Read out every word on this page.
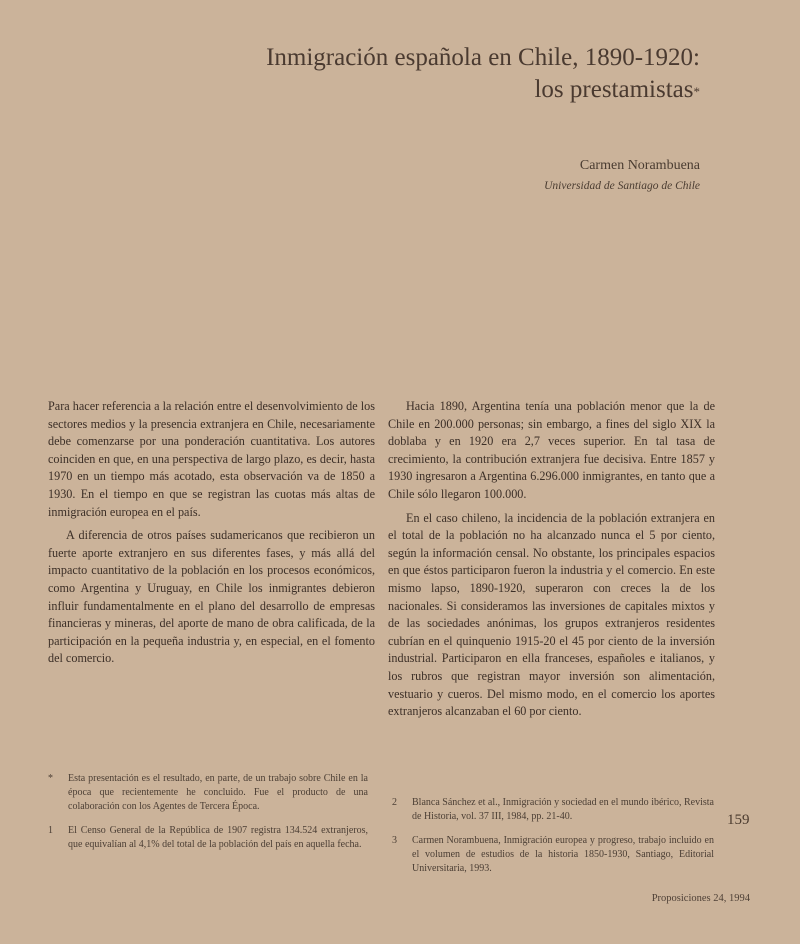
Inmigración española en Chile, 1890-1920:
los prestamistas*
Carmen Norambuena
Universidad de Santiago de Chile

Para hacer referencia a la relación entre el desenvolvimiento de los sectores medios y la presencia extranjera en Chile, necesariamente debe comenzarse por una ponderación cuantitativa. Los autores coinciden en que, en una perspectiva de largo plazo, es decir, hasta 1970 en un tiempo más acotado, esta observación va de 1850 a 1930. En el tiempo en que se registran las cuotas más altas de inmigración europea en el país.

A diferencia de otros países sudamericanos que recibieron un fuerte aporte extranjero en sus diferentes fases, y más allá del impacto cuantitativo de la población en los procesos económicos, como Argentina y Uruguay, en Chile los inmigrantes debieron influir fundamentalmente en el plano del desarrollo de empresas financieras y mineras, del aporte de mano de obra calificada, de la participación en la pequeña industria y, en especial, en el fomento del comercio.

Hacia 1890, Argentina tenía una población menor que la de Chile en 200.000 personas; sin embargo, a fines del siglo XIX la doblaba y en 1920 era 2,7 veces superior. En tal tasa de crecimiento, la contribución extranjera fue decisiva. Entre 1857 y 1930 ingresaron a Argentina 6.296.000 inmigrantes, en tanto que a Chile sólo llegaron 100.000.

En el caso chileno, la incidencia de la población extranjera en el total de la población no ha alcanzado nunca el 5 por ciento, según la información censal. No obstante, los principales espacios en que éstos participaron fueron la industria y el comercio. En este mismo lapso, 1890-1920, superaron con creces la de los nacionales. Si consideramos las inversiones de capitales mixtos y de las sociedades anónimas, los grupos extranjeros residentes cubrían en el quinquenio 1915-20 el 45 por ciento de la inversión industrial. Participaron en ella franceses, españoles e italianos, y los rubros que registran mayor inversión son alimentación, vestuario y cueros. Del mismo modo, en el comercio los aportes extranjeros alcanzaban el 60 por ciento.

*	Esta presentación es el resultado, en parte, de un trabajo sobre Chile en la época que recientemente he concluido. Fue el producto de una colaboración con los Agentes de Tercera Época.
1	El Censo General de la República de 1907 registra 134.524 extranjeros, que equivalían al 4,1% del total de la población del país en aquella fecha.
2	Blanca Sánchez et al., Inmigración y sociedad en el mundo ibérico, Revista de Historia, vol. 37 III, 1984, pp. 21-40.
3	Carmen Norambuena, Inmigración europea y progreso, trabajo incluido en el volumen de estudios de la historia 1850-1930, Santiago, Editorial Universitaria, 1993.
159
Proposiciones 24, 1994
